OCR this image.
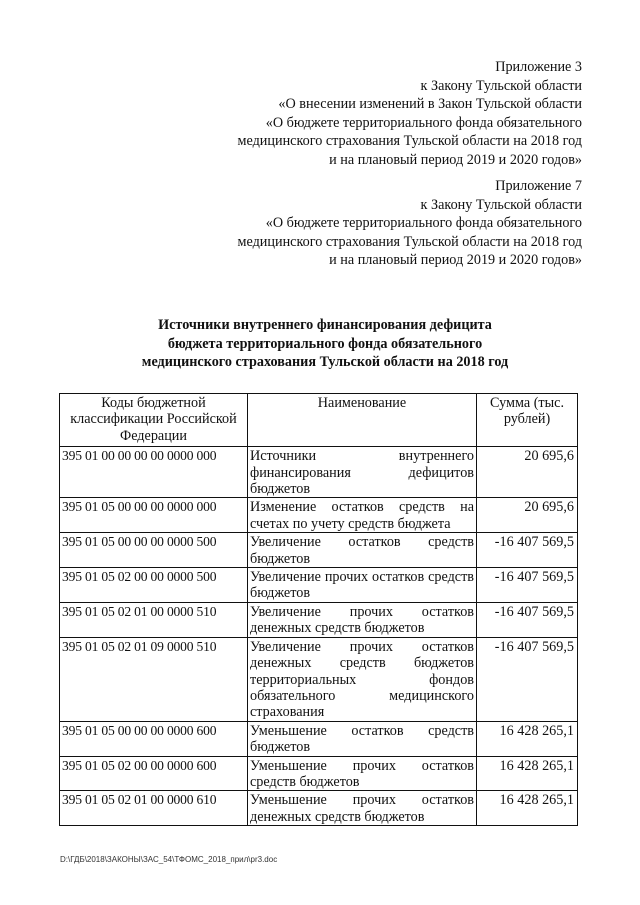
Приложение 3
к Закону Тульской области
«О внесении изменений в Закон Тульской области
«О бюджете территориального фонда обязательного
медицинского страхования Тульской области на 2018 год
и на плановый период 2019 и 2020 годов»
Приложение 7
к Закону Тульской области
«О бюджете территориального фонда обязательного
медицинского страхования Тульской области на 2018 год
и на плановый период 2019 и 2020 годов»
Источники внутреннего финансирования дефицита
бюджета территориального фонда обязательного
медицинского страхования Тульской области на 2018 год
Коды бюджетной классификации Российской Федерации	Наименование	Сумма (тыс. рублей)
395 01 00 00 00 00 0000 000	Источники внутреннего финансирования дефицитов бюджетов	20 695,6
395 01 05 00 00 00 0000 000	Изменение остатков средств на счетах по учету средств бюджета	20 695,6
395 01 05 00 00 00 0000 500	Увеличение остатков средств бюджетов	-16 407 569,5
395 01 05 02 00 00 0000 500	Увеличение прочих остатков средств бюджетов	-16 407 569,5
395 01 05 02 01 00 0000 510	Увеличение прочих остатков денежных средств бюджетов	-16 407 569,5
395 01 05 02 01 09 0000 510	Увеличение прочих остатков денежных средств бюджетов территориальных фондов обязательного медицинского страхования	-16 407 569,5
395 01 05 00 00 00 0000 600	Уменьшение остатков средств бюджетов	16 428 265,1
395 01 05 02 00 00 0000 600	Уменьшение прочих остатков средств бюджетов	16 428 265,1
395 01 05 02 01 00 0000 610	Уменьшение прочих остатков денежных средств бюджетов	16 428 265,1
D:\ГДБ\2018\ЗАКОНЫ\ЗАС_54\ТФОМС_2018_прил\pr3.doc
